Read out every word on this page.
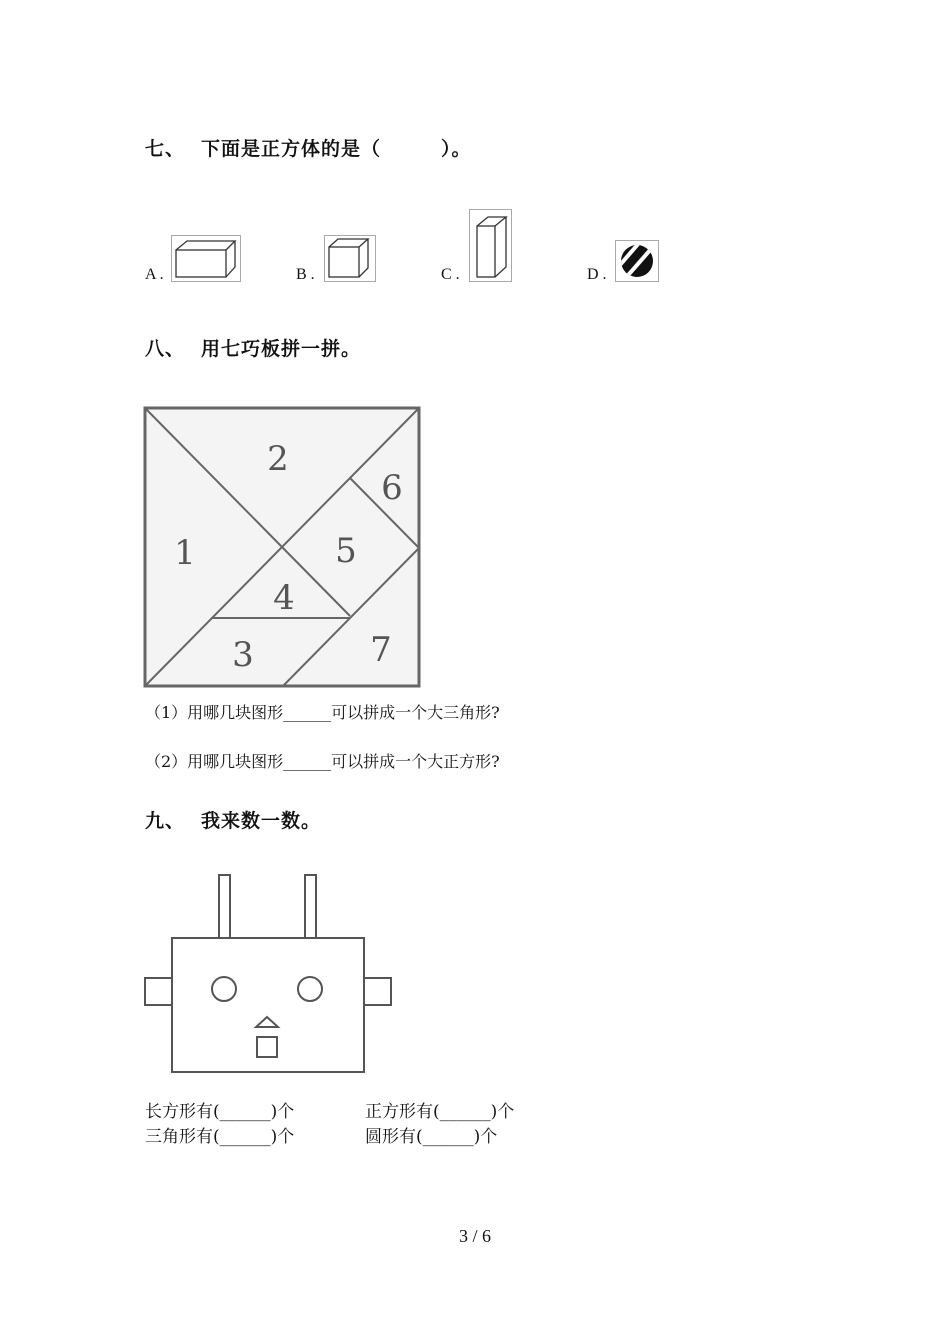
七、 下面是正方体的是（　　　）。
A .	B .	C .	D .
八、 用七巧板拼一拼。
2
1
6
5
4
3	7
（1）用哪几块图形______可以拼成一个大三角形?
（2）用哪几块图形______可以拼成一个大正方形?
九、 我来数一数。
长方形有(______)个	正方形有(______)个
三角形有(______)个	圆形有(______)个
3 / 6
